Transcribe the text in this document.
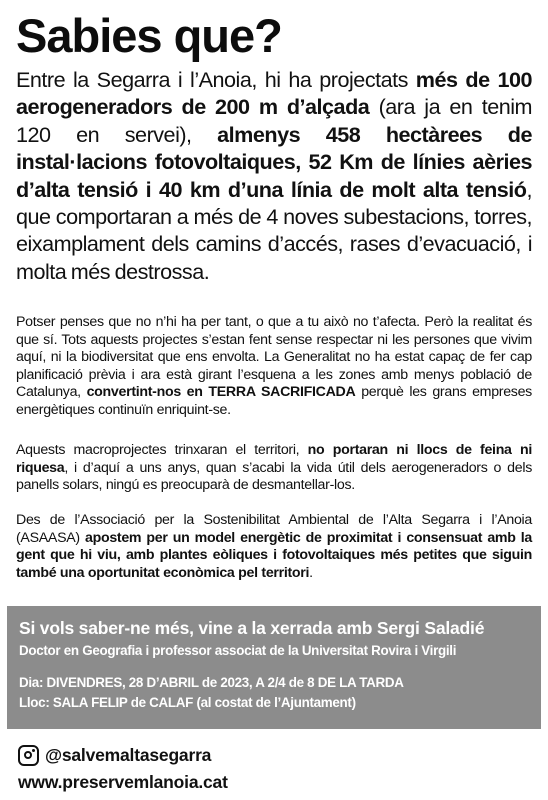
Sabies que?

Entre la Segarra i l’Anoia, hi ha projectats més de 100 aerogeneradors de 200 m d’alçada (ara ja en tenim 120 en servei), almenys 458 hectàrees de instal·lacions fotovoltaiques, 52 Km de línies aèries d’alta tensió i 40 km d’una línia de molt alta tensió, que comportaran a més de 4 noves subestacions, torres, eixamplament dels camins d’accés, rases d’evacuació, i molta més destrossa.

Potser penses que no n’hi ha per tant, o que a tu això no t’afecta. Però la realitat és que sí. Tots aquests projectes s’estan fent sense respectar ni les persones que vivim aquí, ni la biodiversitat que ens envolta. La Generalitat no ha estat capaç de fer cap planificació prèvia i ara està girant l’esquena a les zones amb menys població de Catalunya, convertint-nos en TERRA SACRIFICADA perquè les grans empreses energètiques continuïn enriquint-se.

Aquests macroprojectes trinxaran el territori, no portaran ni llocs de feina ni riquesa, i d’aquí a uns anys, quan s’acabi la vida útil dels aerogeneradors o dels panells solars, ningú es preocuparà de desmantellar-los.

Des de l’Associació per la Sostenibilitat Ambiental de l’Alta Segarra i l’Anoia (ASAASA) apostem per un model energètic de proximitat i consensuat amb la gent que hi viu, amb plantes eòliques i fotovoltaiques més petites que siguin també una oportunitat econòmica pel territori.

Si vols saber-ne més, vine a la xerrada amb Sergi Saladié

Doctor en Geografia i professor associat de la Universitat Rovira i Virgili

Dia: DIVENDRES, 28 D’ABRIL de 2023, A 2/4 de 8 DE LA TARDA

Lloc: SALA FELIP de CALAF (al costat de l’Ajuntament)

@salvemaltasegarra
www.preservemlanoia.cat
